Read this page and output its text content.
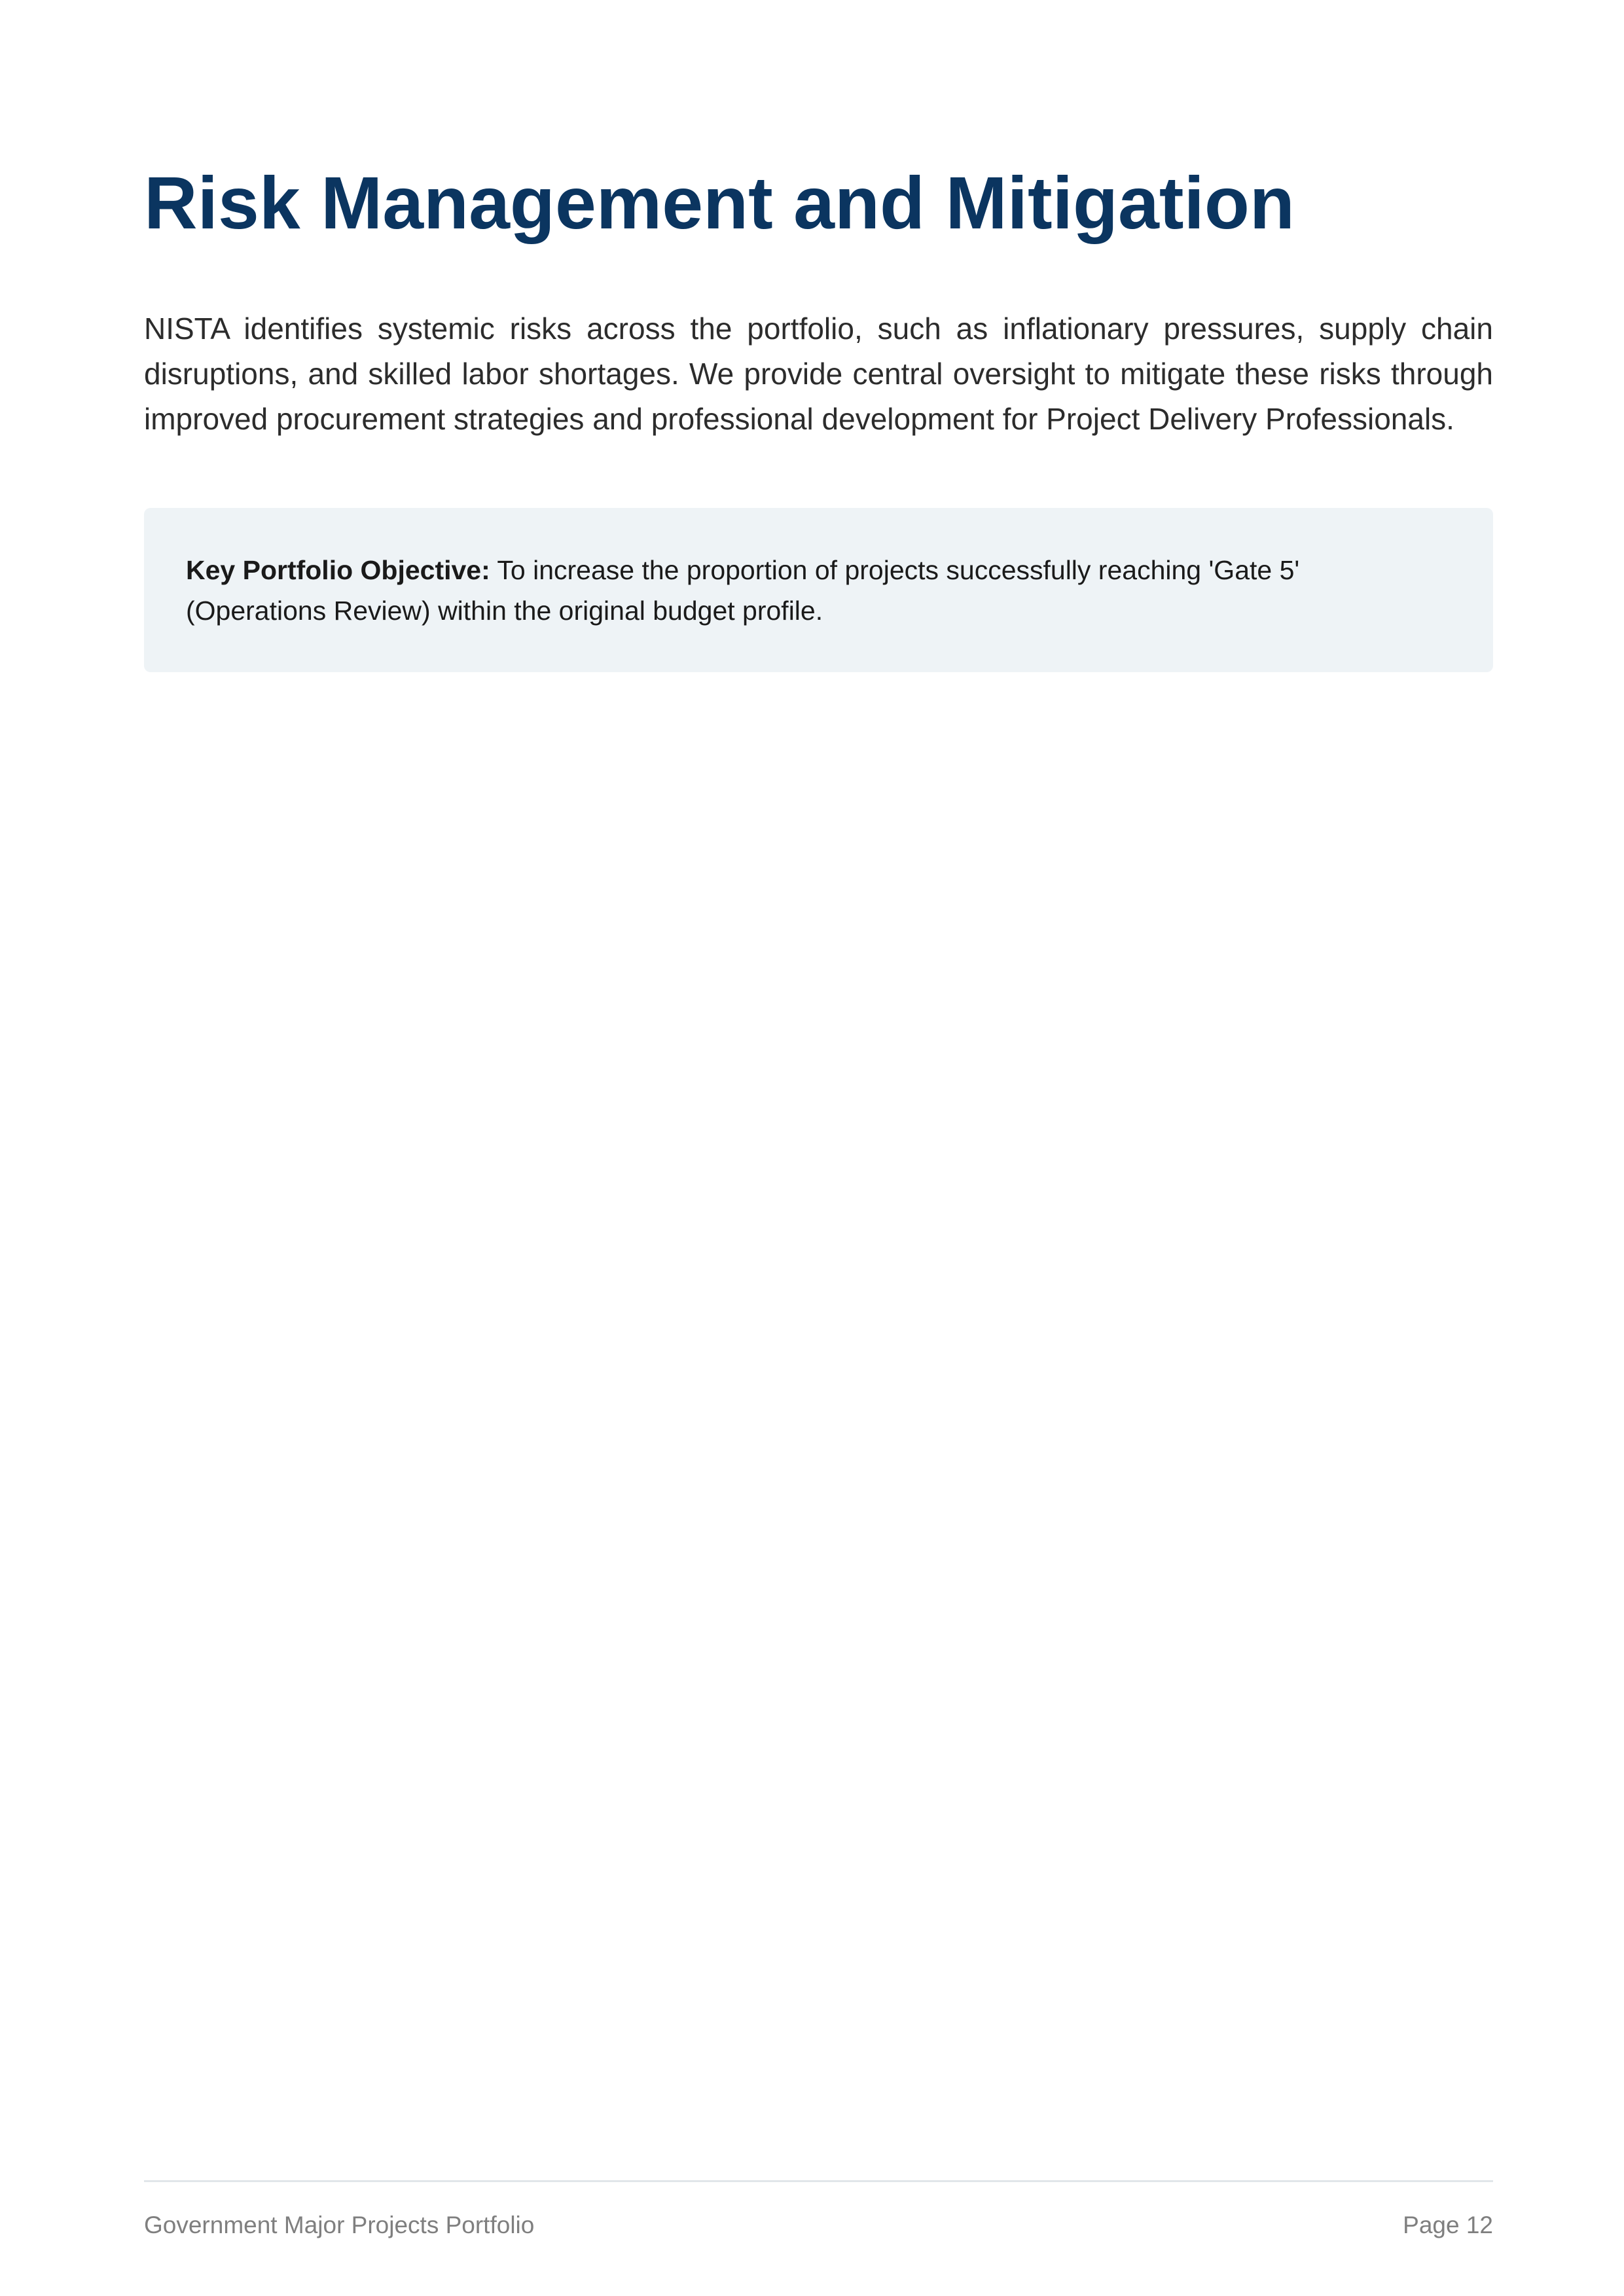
Risk Management and Mitigation

NISTA identifies systemic risks across the portfolio, such as inflationary pressures, supply chain disruptions, and skilled labor shortages. We provide central oversight to mitigate these risks through improved procurement strategies and professional development for Project Delivery Professionals.

Key Portfolio Objective: To increase the proportion of projects successfully reaching 'Gate 5' (Operations Review) within the original budget profile.

Government Major Projects Portfolio	Page 12
